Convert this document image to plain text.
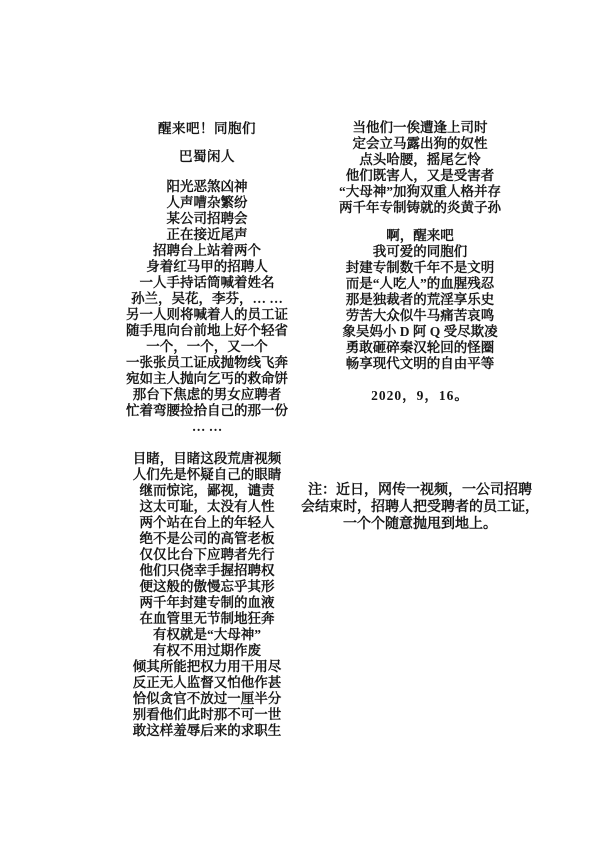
醒来吧！同胞们
巴蜀闲人
阳光恶煞凶神
人声嘈杂繁纷
某公司招聘会
正在接近尾声
招聘台上站着两个
身着红马甲的招聘人
一人手持话筒喊着姓名
孙兰，吴花，李芬，… …
另一人则将喊着人的员工证
随手甩向台前地上好个轻省
一个，一个，又一个
一张张员工证成抛物线飞奔
宛如主人抛向乞丐的救命饼
那台下焦虑的男女应聘者
忙着弯腰捡拾自己的那一份
… …
目睹，目睹这段荒唐视频
人们先是怀疑自己的眼睛
继而惊诧，鄙视，谴责
这太可耻，太没有人性
两个站在台上的年轻人
绝不是公司的高管老板
仅仅比台下应聘者先行
他们只侥幸手握招聘权
便这般的傲慢忘乎其形
两千年封建专制的血液
在血管里无节制地狂奔
有权就是“大母神”
有权不用过期作废
倾其所能把权力用干用尽
反正无人监督又怕他作甚
恰似贪官不放过一厘半分
别看他们此时那不可一世
敢这样羞辱后来的求职生
当他们一俟遭逢上司时
定会立马露出狗的奴性
点头哈腰，摇尾乞怜
他们既害人，又是受害者
“大母神”加狗双重人格并存
两千年专制铸就的炎黄子孙
啊，醒来吧
我可爱的同胞们
封建专制数千年不是文明
而是“人吃人”的血腥残忍
那是独裁者的荒淫享乐史
劳苦大众似牛马痛苦哀鸣
象吴妈小 D 阿 Q 受尽欺凌
勇敢砸碎秦汉轮回的怪圈
畅享现代文明的自由平等
2020，9，16。
注：近日，网传一视频，一公司招聘
会结束时，招聘人把受聘者的员工证，
一个个随意抛甩到地上。
